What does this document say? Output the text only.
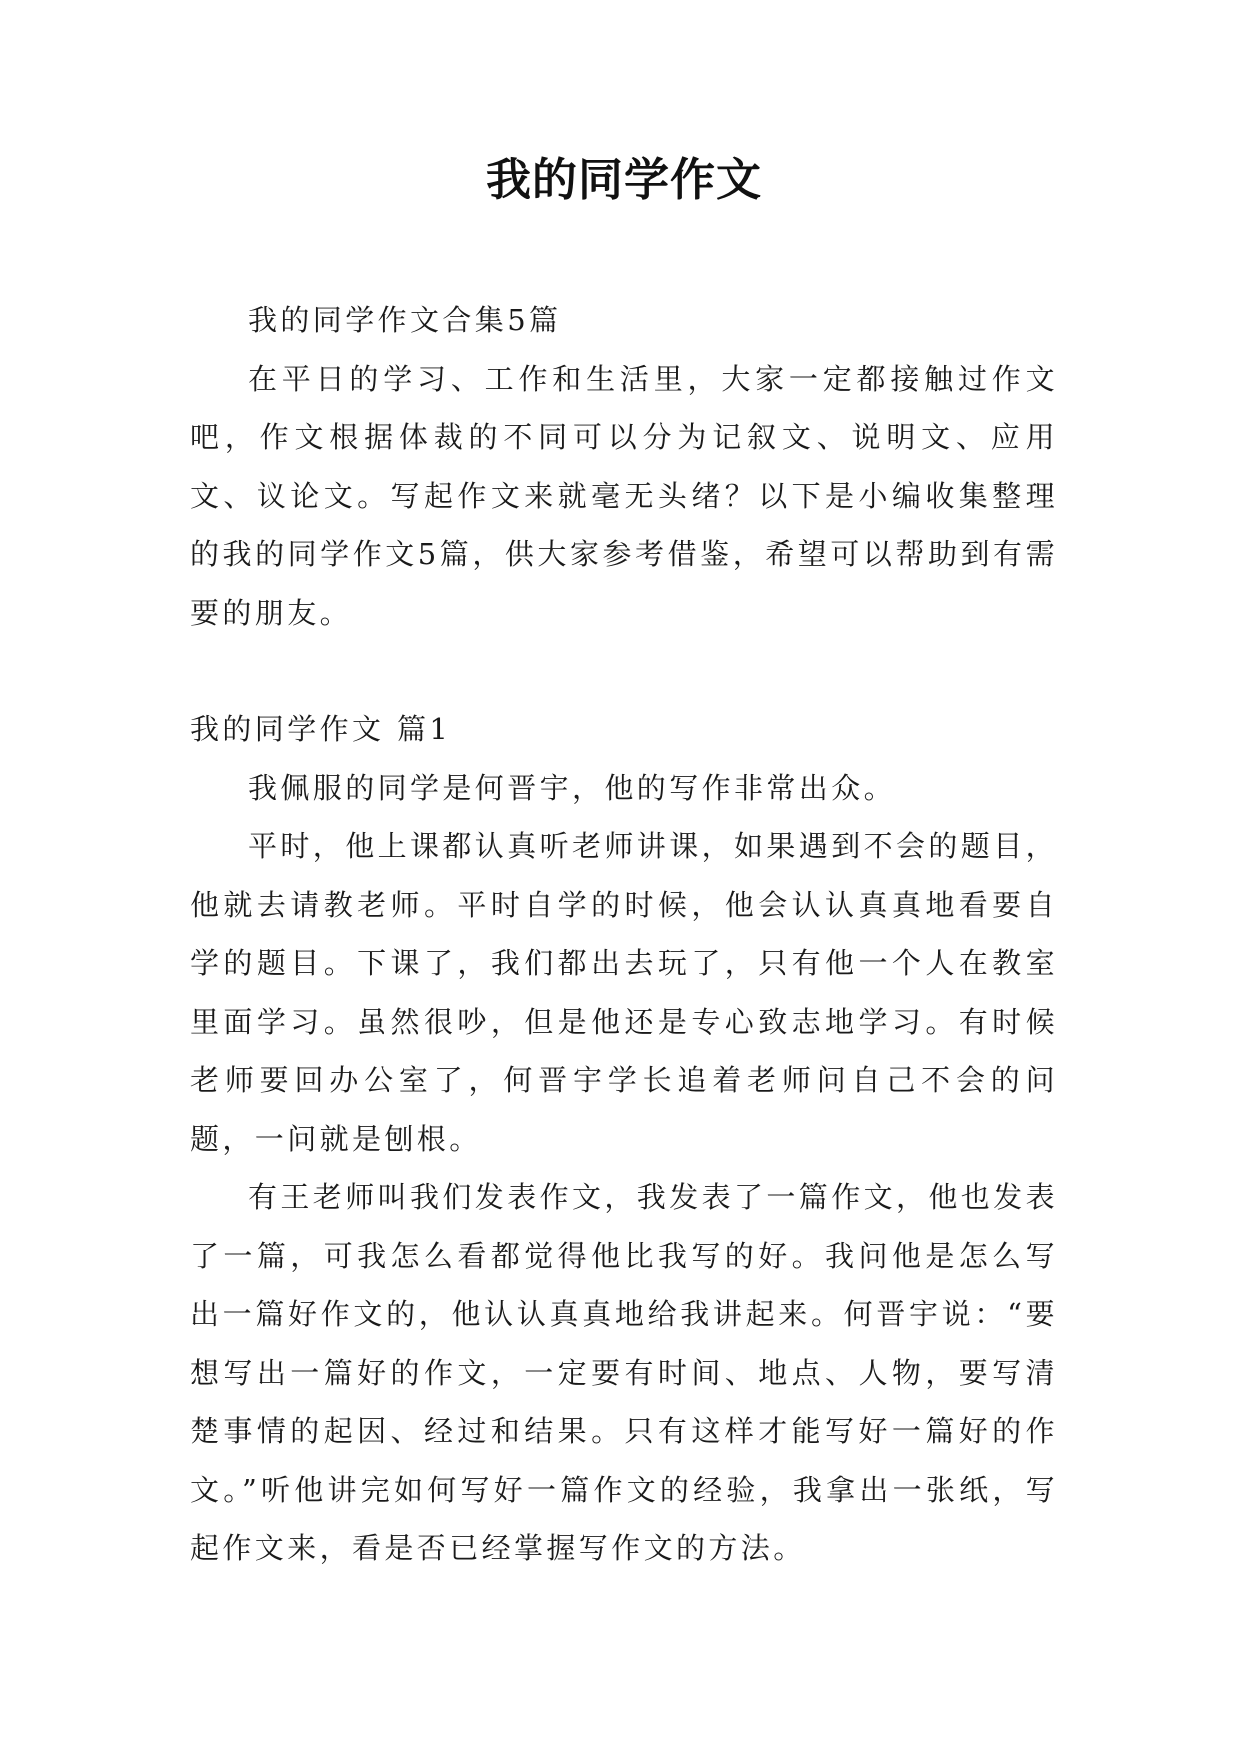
我的同学作文

我的同学作文合集5篇

在平日的学习、工作和生活里，大家一定都接触过作文吧，作文根据体裁的不同可以分为记叙文、说明文、应用文、议论文。写起作文来就毫无头绪？以下是小编收集整理的我的同学作文5篇，供大家参考借鉴，希望可以帮助到有需要的朋友。

我的同学作文 篇1

我佩服的同学是何晋宇，他的写作非常出众。

平时，他上课都认真听老师讲课，如果遇到不会的题目，他就去请教老师。平时自学的时候，他会认认真真地看要自学的题目。下课了，我们都出去玩了，只有他一个人在教室里面学习。虽然很吵，但是他还是专心致志地学习。有时候老师要回办公室了，何晋宇学长追着老师问自己不会的问题，一问就是刨根。

有王老师叫我们发表作文，我发表了一篇作文，他也发表了一篇，可我怎么看都觉得他比我写的好。我问他是怎么写出一篇好作文的，他认认真真地给我讲起来。何晋宇说：“要想写出一篇好的作文，一定要有时间、地点、人物，要写清楚事情的起因、经过和结果。只有这样才能写好一篇好的作文。”听他讲完如何写好一篇作文的经验，我拿出一张纸，写起作文来，看是否已经掌握写作文的方法。
